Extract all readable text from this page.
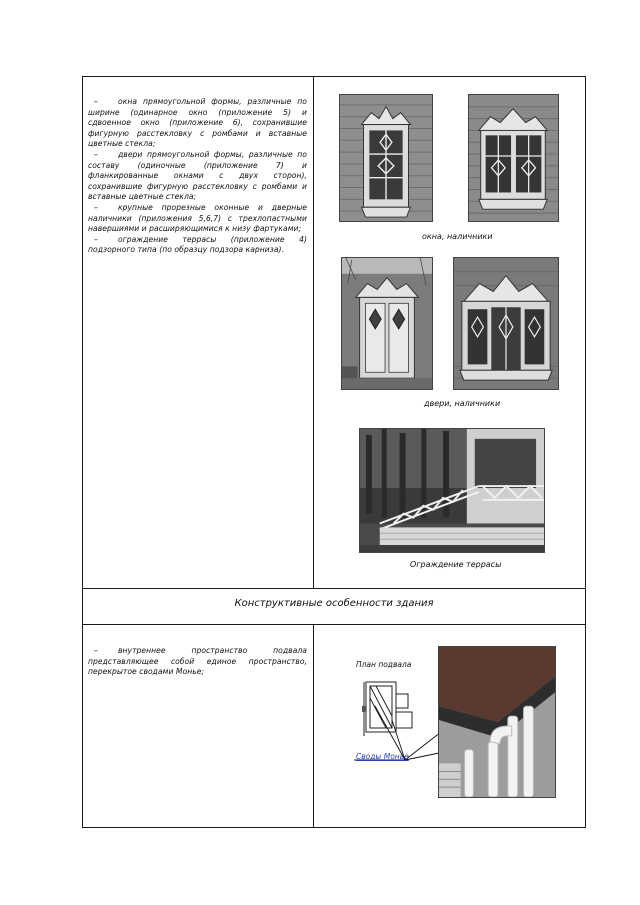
–	окна прямоугольной формы, различные по ширине (одинарное окно (приложение 5) и сдвоенное окно (приложение 6), сохранившие фигурную расстекловку с ромбами и вставные цветные стекла;
–	двери прямоугольной формы, различные по составу (одиночные (приложение 7) и фланкированные окнами с двух сторон), сохранившие фигурную расстекловку с ромбами и вставные цветные стекла;
–	крупные прорезные оконные и дверные наличники (приложения 5,6,7) с трехлопастными навершиями и расширяющимися к низу фартуками;
–	ограждение террасы (приложение 4) подзорного типа (по образцу подзора карниза).
окна, наличники
двери, наличники
Ограждение террасы
Конструктивные особенности здания
–	внутреннее пространство подвала представляющее собой единое пространство, перекрытое сводами Монье;
План подвала
Своды Монье
